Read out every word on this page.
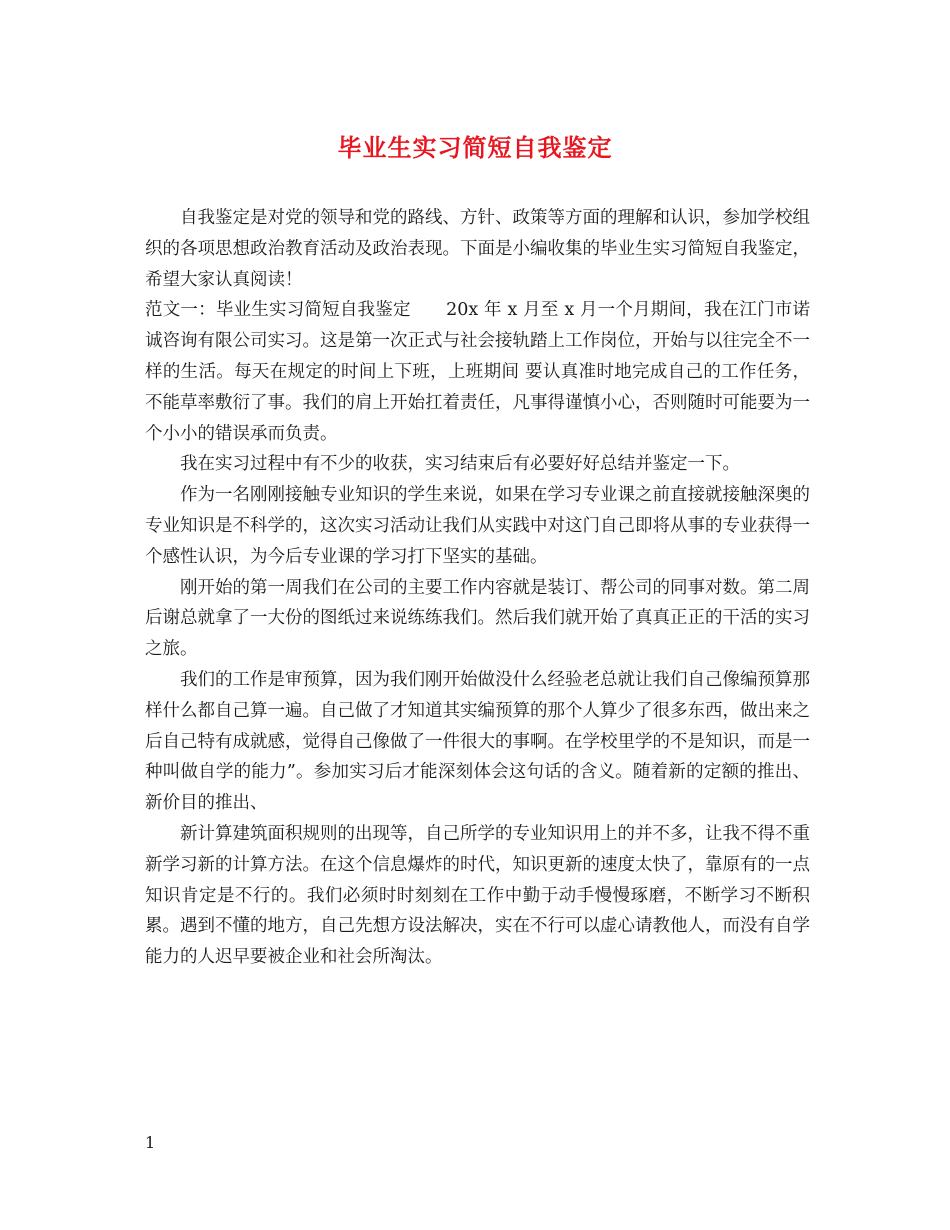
毕业生实习简短自我鉴定

自我鉴定是对党的领导和党的路线、方针、政策等方面的理解和认识，参加学校组织的各项思想政治教育活动及政治表现。下面是小编收集的毕业生实习简短自我鉴定，希望大家认真阅读！

范文一：毕业生实习简短自我鉴定　　20x 年 x 月至 x 月一个月期间，我在江门市诺诚咨询有限公司实习。这是第一次正式与社会接轨踏上工作岗位，开始与以往完全不一样的生活。每天在规定的时间上下班，上班期间 要认真准时地完成自己的工作任务，不能草率敷衍了事。我们的肩上开始扛着责任，凡事得谨慎小心，否则随时可能要为一个小小的错误承而负责。

我在实习过程中有不少的收获，实习结束后有必要好好总结并鉴定一下。

作为一名刚刚接触专业知识的学生来说，如果在学习专业课之前直接就接触深奥的专业知识是不科学的，这次实习活动让我们从实践中对这门自己即将从事的专业获得一个感性认识，为今后专业课的学习打下坚实的基础。

刚开始的第一周我们在公司的主要工作内容就是装订、帮公司的同事对数。第二周后谢总就拿了一大份的图纸过来说练练我们。然后我们就开始了真真正正的干活的实习之旅。

我们的工作是审预算，因为我们刚开始做没什么经验老总就让我们自己像编预算那样什么都自己算一遍。自己做了才知道其实编预算的那个人算少了很多东西，做出来之后自己特有成就感，觉得自己像做了一件很大的事啊。在学校里学的不是知识，而是一种叫做自学的能力”。参加实习后才能深刻体会这句话的含义。随着新的定额的推出、新价目的推出、

新计算建筑面积规则的出现等，自己所学的专业知识用上的并不多，让我不得不重新学习新的计算方法。在这个信息爆炸的时代，知识更新的速度太快了，靠原有的一点知识肯定是不行的。我们必须时时刻刻在工作中勤于动手慢慢琢磨，不断学习不断积累。遇到不懂的地方，自己先想方设法解决，实在不行可以虚心请教他人，而没有自学能力的人迟早要被企业和社会所淘汰。

1
